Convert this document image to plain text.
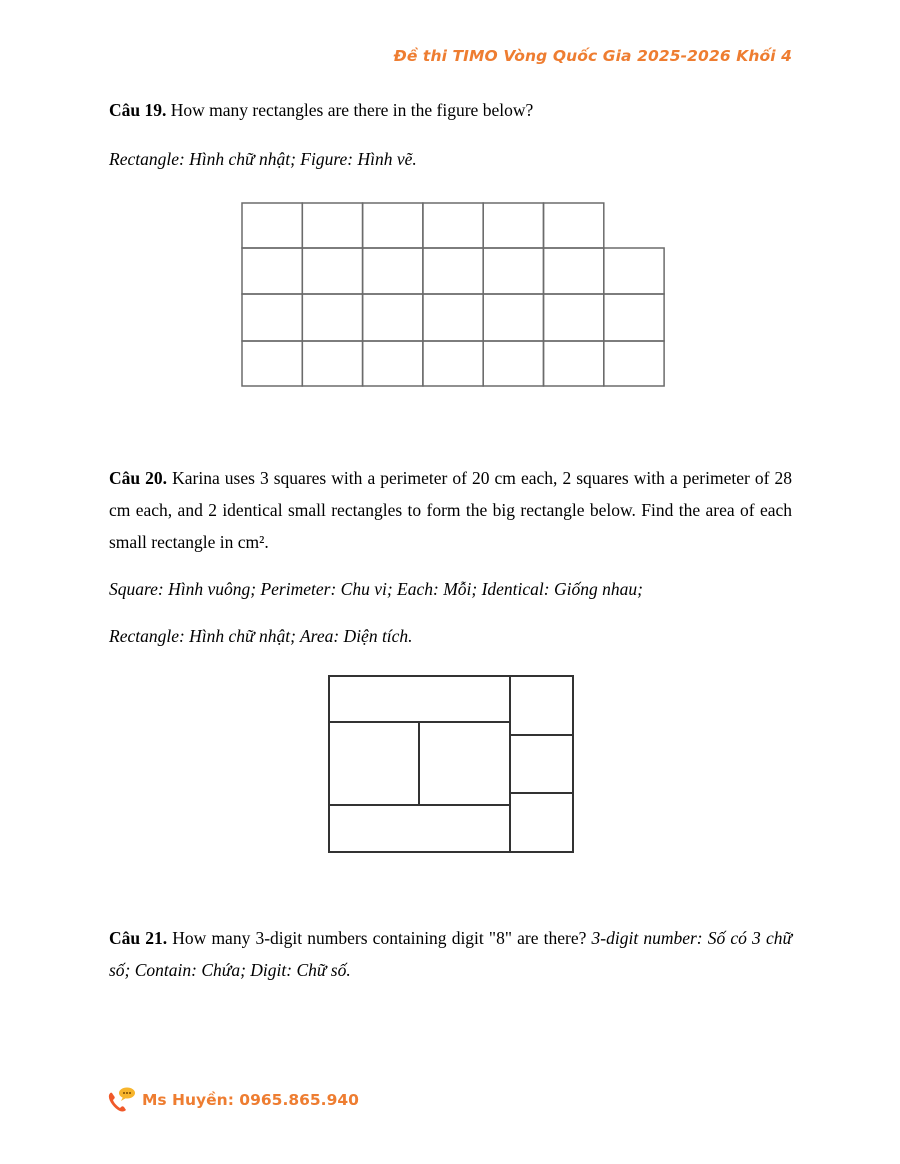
Đề thi TIMO Vòng Quốc Gia 2025-2026 Khối 4
Câu 19. How many rectangles are there in the figure below?
Rectangle: Hình chữ nhật; Figure: Hình vẽ.
Câu 20. Karina uses 3 squares with a perimeter of 20 cm each, 2 squares with a perimeter of 28 cm each, and 2 identical small rectangles to form the big rectangle below. Find the area of each small rectangle in cm².
Square: Hình vuông; Perimeter: Chu vi; Each: Mỗi; Identical: Giống nhau;
Rectangle: Hình chữ nhật; Area: Diện tích.
Câu 21. How many 3-digit numbers containing digit "8" are there? 3-digit number: Số có 3 chữ số; Contain: Chứa; Digit: Chữ số.
Ms Huyền: 0965.865.940
